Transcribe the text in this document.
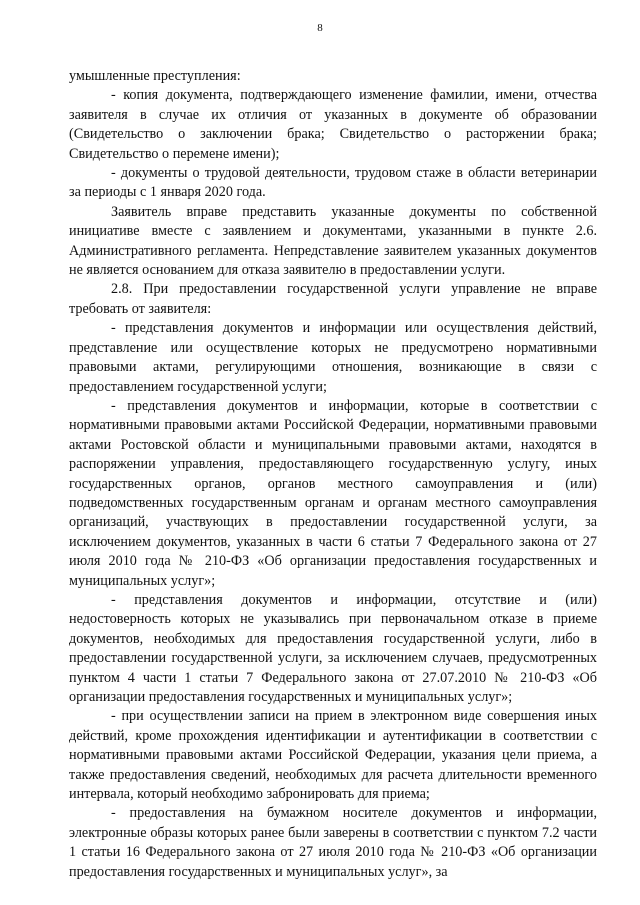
8

умышленные преступления:

- копия документа, подтверждающего изменение фамилии, имени, отчества заявителя в случае их отличия от указанных в документе об образовании (Свидетельство о заключении брака; Свидетельство о расторжении брака; Свидетельство о перемене имени);

- документы о трудовой деятельности, трудовом стаже в области ветеринарии за периоды с 1 января 2020 года.

Заявитель вправе представить указанные документы по собственной инициативе вместе с заявлением и документами, указанными в пункте 2.6. Административного регламента. Непредставление заявителем указанных документов не является основанием для отказа заявителю в предоставлении услуги.

2.8. При предоставлении государственной услуги управление не вправе требовать от заявителя:

- представления документов и информации или осуществления действий, представление или осуществление которых не предусмотрено нормативными правовыми актами, регулирующими отношения, возникающие в связи с предоставлением государственной услуги;

- представления документов и информации, которые в соответствии с нормативными правовыми актами Российской Федерации, нормативными правовыми актами Ростовской области и муниципальными правовыми актами, находятся в распоряжении управления, предоставляющего государственную услугу, иных государственных органов, органов местного самоуправления и (или) подведомственных государственным органам и органам местного самоуправления организаций, участвующих в предоставлении государственной услуги, за исключением документов, указанных в части 6 статьи 7 Федерального закона от 27 июля 2010 года № 210-ФЗ «Об организации предоставления государственных и муниципальных услуг»;

- представления документов и информации, отсутствие и (или) недостоверность которых не указывались при первоначальном отказе в приеме документов, необходимых для предоставления государственной услуги, либо в предоставлении государственной услуги, за исключением случаев, предусмотренных пунктом 4 части 1 статьи 7 Федерального закона от 27.07.2010 № 210-ФЗ «Об организации предоставления государственных и муниципальных услуг»;

- при осуществлении записи на прием в электронном виде совершения иных действий, кроме прохождения идентификации и аутентификации в соответствии с нормативными правовыми актами Российской Федерации, указания цели приема, а также предоставления сведений, необходимых для расчета длительности временного интервала, который необходимо забронировать для приема;

- предоставления на бумажном носителе документов и информации, электронные образы которых ранее были заверены в соответствии с пунктом 7.2 части 1 статьи 16 Федерального закона от 27 июля 2010 года № 210-ФЗ «Об организации предоставления государственных и муниципальных услуг», за
